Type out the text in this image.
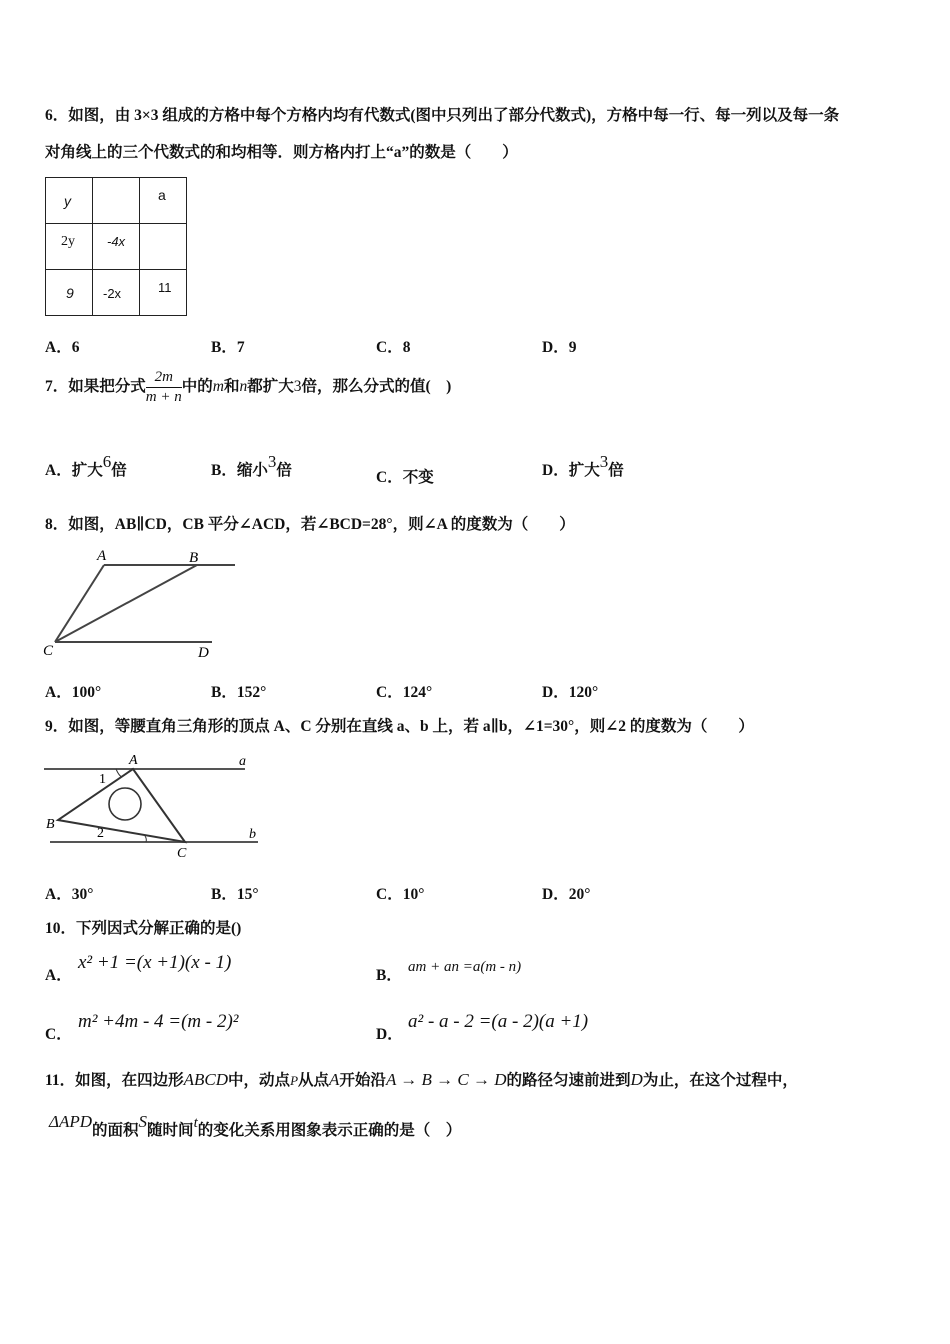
6．如图，由 3×3 组成的方格中每个方格内均有代数式(图中只列出了部分代数式)，方格中每一行、每一列以及每一条
对角线上的三个代数式的和均相等．则方格内打上“a”的数是（　　）
y		a
2y	-4x	
9	-2x	11
A．6	B．7	C．8	D．9
7．如果把分式 $\frac{2m}{m + n}$ 中的m和n都扩大3倍，那么分式的值(　)
A．扩大6倍	B．缩小3倍	C．不变	D．扩大3倍
8．如图，AB∥CD，CB 平分∠ACD，若∠BCD=28°，则∠A 的度数为（　　）
A	B
C	D
A．100°	B．152°	C．124°	D．120°
9．如图，等腰直角三角形的顶点 A、C 分别在直线 a、b 上，若 a∥b，∠1=30°，则∠2 的度数为（　　）
A
B
C
a
b
1
2
A．30°	B．15°	C．10°	D．20°
10．下列因式分解正确的是()
A．
x² +1 =(x +1)(x - 1)
B． am + an =a(m - n)
C．
m² +4m - 4 =(m - 2)²
D．
a² - a - 2 =(a - 2)(a +1)
11．如图，在四边形ABCD中，动点P从点A开始沿A → B → C → D的路径匀速前进到D为止，在这个过程中，
ΔAPD的面积S随时间t的变化关系用图象表示正确的是（　）
